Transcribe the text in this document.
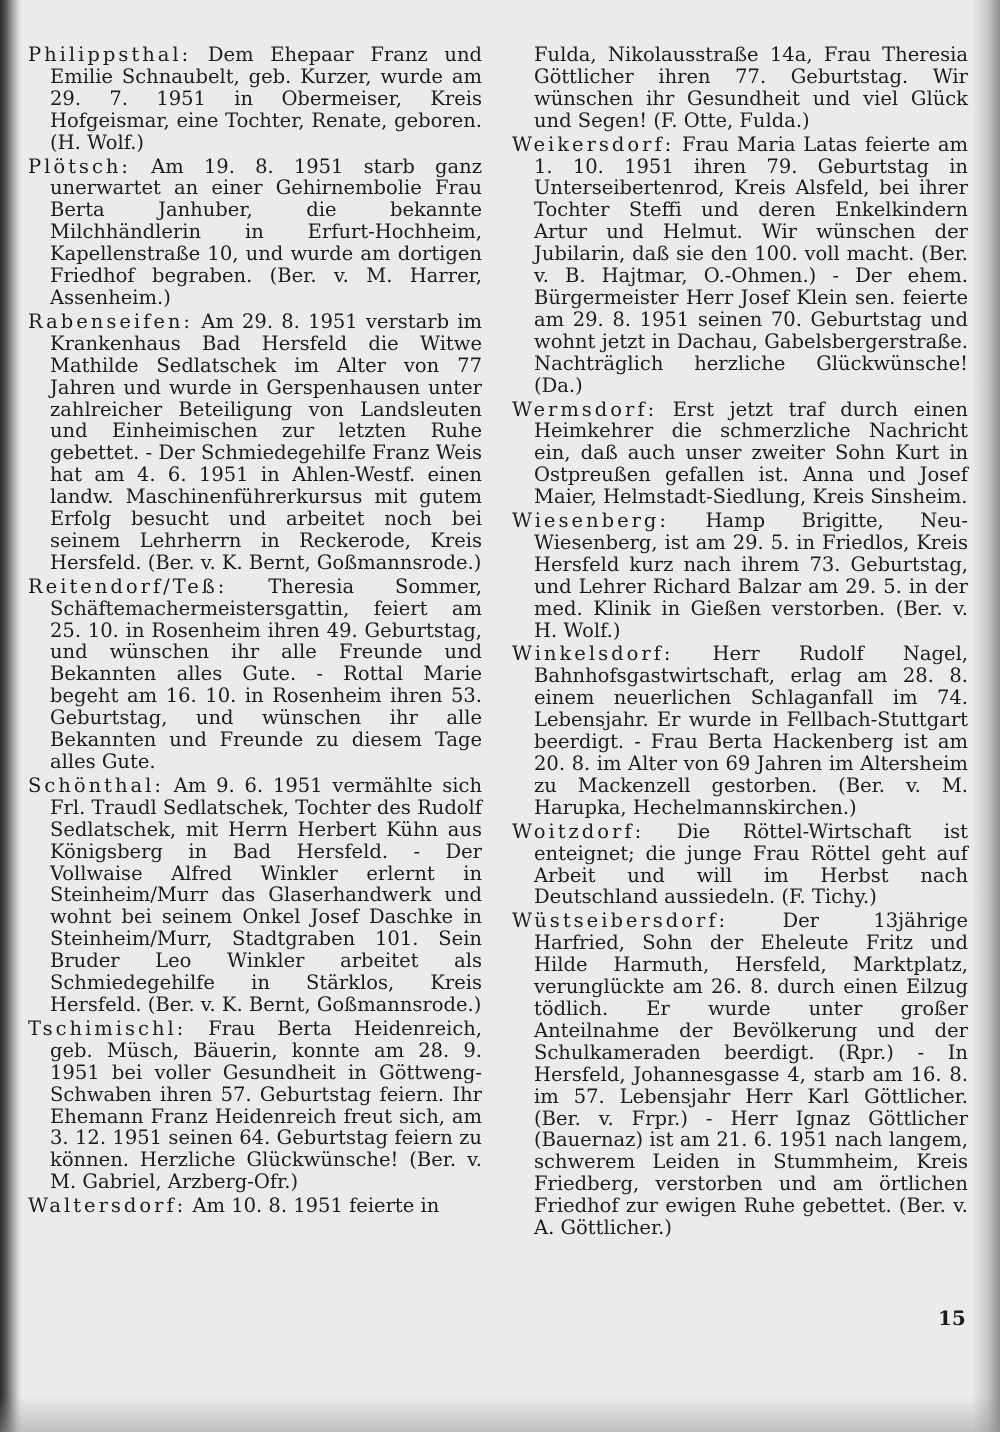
Philippsthal: Dem Ehepaar Franz und Emilie Schnaubelt, geb. Kurzer, wurde am 29. 7. 1951 in Obermeiser, Kreis Hofgeismar, eine Tochter, Renate, geboren. (H. Wolf.)

Plötsch: Am 19. 8. 1951 starb ganz unerwartet an einer Gehirnembolie Frau Berta Janhuber, die bekannte Milchhändlerin in Erfurt-Hochheim, Kapellenstraße 10, und wurde am dortigen Friedhof begraben. (Ber. v. M. Harrer, Assenheim.)

Rabenseifen: Am 29. 8. 1951 verstarb im Krankenhaus Bad Hersfeld die Witwe Mathilde Sedlatschek im Alter von 77 Jahren und wurde in Gerspenhausen unter zahlreicher Beteiligung von Landsleuten und Einheimischen zur letzten Ruhe gebettet. - Der Schmiedegehilfe Franz Weis hat am 4. 6. 1951 in Ahlen-Westf. einen landw. Maschinenführerkursus mit gutem Erfolg besucht und arbeitet noch bei seinem Lehrherrn in Reckerode, Kreis Hersfeld. (Ber. v. K. Bernt, Goßmannsrode.)

Reitendorf/Teß: Theresia Sommer, Schäftemachermeistersgattin, feiert am 25. 10. in Rosenheim ihren 49. Geburtstag, und wünschen ihr alle Freunde und Bekannten alles Gute. - Rottal Marie begeht am 16. 10. in Rosenheim ihren 53. Geburtstag, und wünschen ihr alle Bekannten und Freunde zu diesem Tage alles Gute.

Schönthal: Am 9. 6. 1951 vermählte sich Frl. Traudl Sedlatschek, Tochter des Rudolf Sedlatschek, mit Herrn Herbert Kühn aus Königsberg in Bad Hersfeld. - Der Vollwaise Alfred Winkler erlernt in Steinheim/Murr das Glaserhandwerk und wohnt bei seinem Onkel Josef Daschke in Steinheim/Murr, Stadtgraben 101. Sein Bruder Leo Winkler arbeitet als Schmiedegehilfe in Stärklos, Kreis Hersfeld. (Ber. v. K. Bernt, Goßmannsrode.)

Tschimischl: Frau Berta Heidenreich, geb. Müsch, Bäuerin, konnte am 28. 9. 1951 bei voller Gesundheit in Göttweng-Schwaben ihren 57. Geburtstag feiern. Ihr Ehemann Franz Heidenreich freut sich, am 3. 12. 1951 seinen 64. Geburtstag feiern zu können. Herzliche Glückwünsche! (Ber. v. M. Gabriel, Arzberg-Ofr.)

Waltersdorf: Am 10. 8. 1951 feierte in

Fulda, Nikolausstraße 14a, Frau Theresia Göttlicher ihren 77. Geburtstag. Wir wünschen ihr Gesundheit und viel Glück und Segen! (F. Otte, Fulda.)

Weikersdorf: Frau Maria Latas feierte am 1. 10. 1951 ihren 79. Geburtstag in Unterseibertenrod, Kreis Alsfeld, bei ihrer Tochter Steffi und deren Enkelkindern Artur und Helmut. Wir wünschen der Jubilarin, daß sie den 100. voll macht. (Ber. v. B. Hajtmar, O.-Ohmen.) - Der ehem. Bürgermeister Herr Josef Klein sen. feierte am 29. 8. 1951 seinen 70. Geburtstag und wohnt jetzt in Dachau, Gabelsbergerstraße. Nachträglich herzliche Glückwünsche! (Da.)

Wermsdorf: Erst jetzt traf durch einen Heimkehrer die schmerzliche Nachricht ein, daß auch unser zweiter Sohn Kurt in Ostpreußen gefallen ist. Anna und Josef Maier, Helmstadt-Siedlung, Kreis Sinsheim.

Wiesenberg: Hamp Brigitte, Neu-Wiesenberg, ist am 29. 5. in Friedlos, Kreis Hersfeld kurz nach ihrem 73. Geburtstag, und Lehrer Richard Balzar am 29. 5. in der med. Klinik in Gießen verstorben. (Ber. v. H. Wolf.)

Winkelsdorf: Herr Rudolf Nagel, Bahnhofsgastwirtschaft, erlag am 28. 8. einem neuerlichen Schlaganfall im 74. Lebensjahr. Er wurde in Fellbach-Stuttgart beerdigt. - Frau Berta Hackenberg ist am 20. 8. im Alter von 69 Jahren im Altersheim zu Mackenzell gestorben. (Ber. v. M. Harupka, Hechelmannskirchen.)

Woitzdorf: Die Röttel-Wirtschaft ist enteignet; die junge Frau Röttel geht auf Arbeit und will im Herbst nach Deutschland aussiedeln. (F. Tichy.)

Wüstseibersdorf:	Der 13jährige Harfried, Sohn der Eheleute Fritz und Hilde Harmuth, Hersfeld, Marktplatz, verunglückte am 26. 8. durch einen Eilzug tödlich. Er wurde unter großer Anteilnahme der Bevölkerung und der Schulkameraden beerdigt. (Rpr.) - In Hersfeld, Johannesgasse 4, starb am 16. 8. im 57. Lebensjahr Herr Karl Göttlicher. (Ber. v. Frpr.) - Herr Ignaz Göttlicher (Bauernaz) ist am 21. 6. 1951 nach langem, schwerem Leiden in Stummheim, Kreis Friedberg, verstorben und am örtlichen Friedhof zur ewigen Ruhe gebettet. (Ber. v. A. Göttlicher.)

15
